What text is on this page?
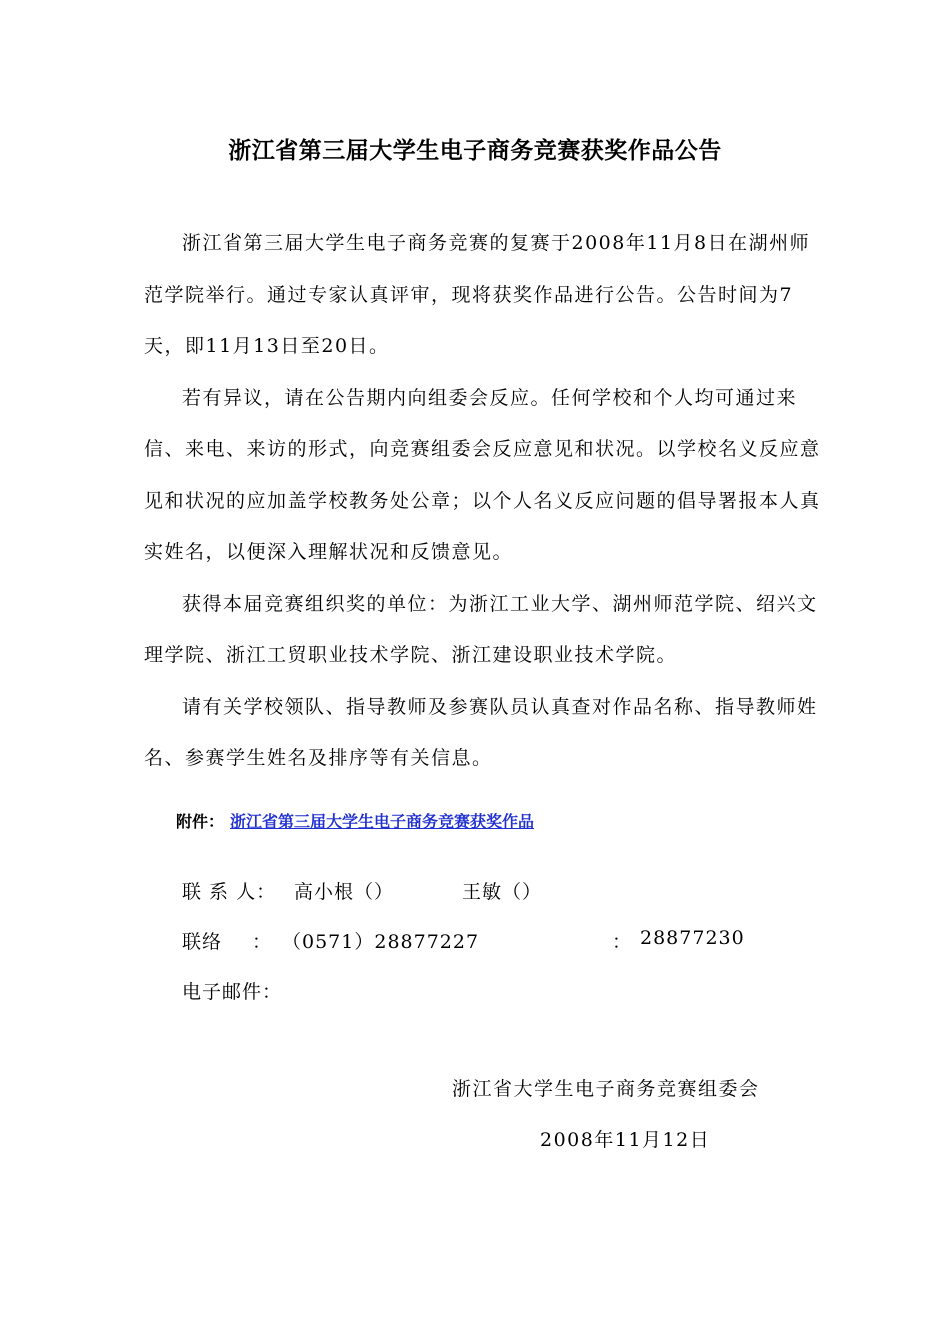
浙江省第三届大学生电子商务竞赛获奖作品公告

浙江省第三届大学生电子商务竞赛的复赛于2008年11月8日在湖州师范学院举行。通过专家认真评审，现将获奖作品进行公告。公告时间为7天，即11月13日至20日。

若有异议，请在公告期内向组委会反应。任何学校和个人均可通过来信、来电、来访的形式，向竞赛组委会反应意见和状况。以学校名义反应意见和状况的应加盖学校教务处公章；以个人名义反应问题的倡导署报本人真实姓名，以便深入理解状况和反馈意见。

获得本届竞赛组织奖的单位：为浙江工业大学、湖州师范学院、绍兴文理学院、浙江工贸职业技术学院、浙江建设职业技术学院。

请有关学校领队、指导教师及参赛队员认真查对作品名称、指导教师姓名、参赛学生姓名及排序等有关信息。

附件： 浙江省第三届大学生电子商务竞赛获奖作品
联 系 人： 高小根（）	王敏（）
联络 ： （0571）28877227	： 28877230
电子邮件：
浙江省大学生电子商务竞赛组委会
2008年11月12日
